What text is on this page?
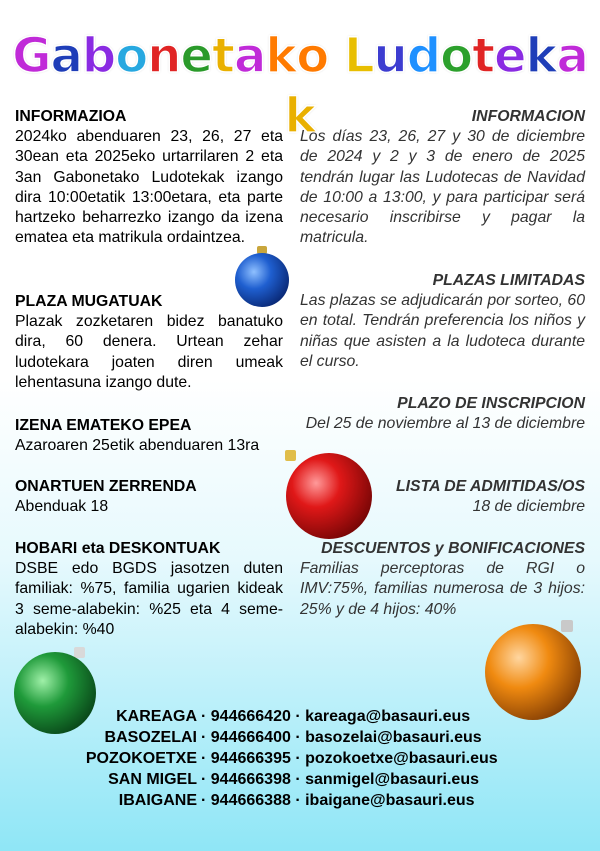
Gabonetako Ludotekak
INFORMAZIOA

2024ko abenduaren 23, 26, 27 eta 30ean eta 2025eko urtarrilaren 2 eta 3an Gabonetako Ludotekak izango dira 10:00etatik 13:00etara, eta parte hartzeko beharrezko izango da izena ematea eta matrikula ordaintzea.

PLAZA MUGATUAK

Plazak zozketaren bidez banatuko dira, 60 denera. Urtean zehar ludotekara joaten diren umeak lehentasuna izango dute.

IZENA EMATEKO EPEA

Azaroaren 25etik abenduaren 13ra

ONARTUEN ZERRENDA

Abenduak 18

HOBARI eta DESKONTUAK

DSBE edo BGDS jasotzen duten familiak: %75, familia ugarien kideak 3 seme-alabekin: %25 eta 4 seme-alabekin: %40

INFORMACION

Los días 23, 26, 27 y 30 de diciembre de 2024 y 2 y 3 de enero de 2025 tendrán lugar las Ludotecas de Navidad de 10:00 a 13:00, y para participar será necesario inscribirse y pagar la matricula.

PLAZAS LIMITADAS

Las plazas se adjudicarán por sorteo, 60 en total. Tendrán preferencia los niños y niñas que asisten a la ludoteca durante el curso.

PLAZO DE INSCRIPCION

Del 25 de noviembre al 13 de diciembre

LISTA DE ADMITIDAS/OS

18 de diciembre

DESCUENTOS y BONIFICACIONES

Familias perceptoras de RGI o IMV:75%, familias numerosa de 3 hijos: 25% y de 4 hijos: 40%

KAREAGA · 944666420 · kareaga@basauri.eus
BASOZELAI · 944666400 · basozelai@basauri.eus
POZOKOETXE · 944666395 · pozokoetxe@basauri.eus
SAN MIGEL · 944666398 · sanmigel@basauri.eus
IBAIGANE · 944666388 · ibaigane@basauri.eus
